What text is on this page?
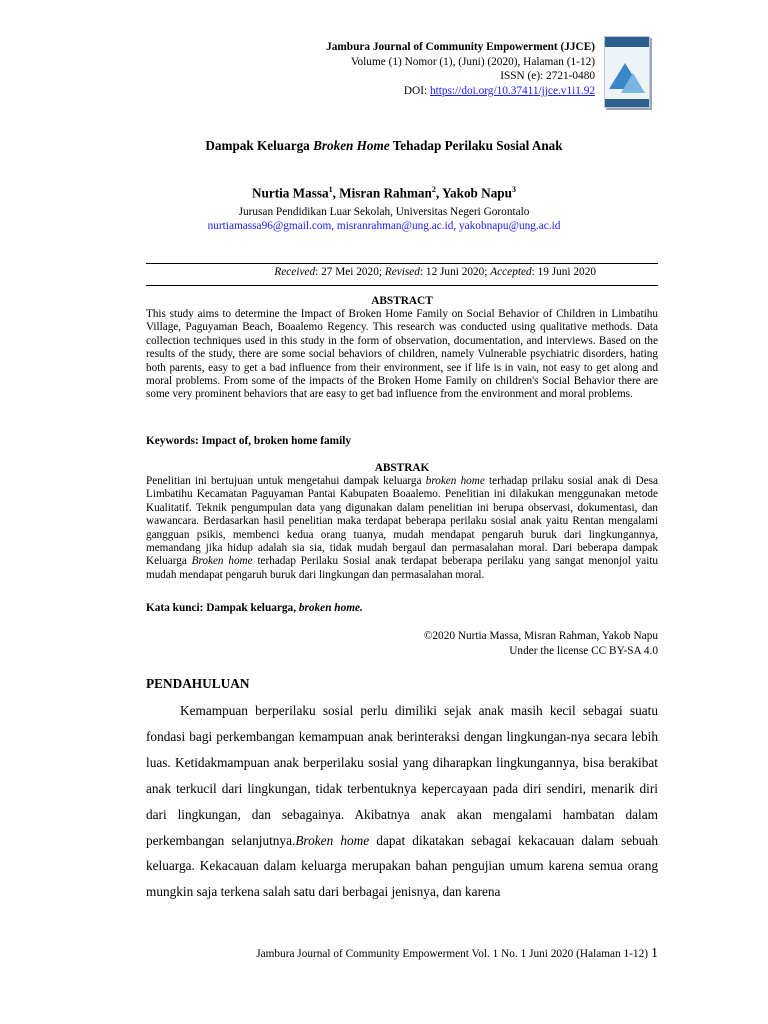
Jambura Journal of Community Empowerment (JJCE)
Volume (1) Nomor (1), (Juni) (2020), Halaman (1-12)
ISSN (e): 2721-0480
DOI: https://doi.org/10.37411/jjce.v1i1.92
Dampak Keluarga Broken Home Tehadap Perilaku Sosial Anak
Nurtia Massa$^1$, Misran Rahman$^2$, Yakob Napu$^3$
Jurusan Pendidikan Luar Sekolah, Universitas Negeri Gorontalo
nurtiamassa96@gmail.com, misranrahman@ung.ac.id, yakobnapu@ung.ac.id
Received: 27 Mei 2020; Revised: 12 Juni 2020; Accepted: 19 Juni 2020
ABSTRACT
This study aims to determine the Impact of Broken Home Family on Social Behavior of Children in Limbatihu Village, Paguyaman Beach, Boaalemo Regency. This research was conducted using qualitative methods. Data collection techniques used in this study in the form of observation, documentation, and interviews. Based on the results of the study, there are some social behaviors of children, namely Vulnerable psychiatric disorders, hating both parents, easy to get a bad influence from their environment, see if life is in vain, not easy to get along and moral problems. From some of the impacts of the Broken Home Family on children's Social Behavior there are some very prominent behaviors that are easy to get bad influence from the environment and moral problems.
Keywords: Impact of, broken home family
ABSTRAK
Penelitian ini bertujuan untuk mengetahui dampak keluarga broken home terhadap prilaku sosial anak di Desa Limbatihu Kecamatan Paguyaman Pantai Kabupaten Boaalemo. Penelitian ini dilakukan menggunakan metode Kualitatif. Teknik pengumpulan data yang digunakan dalam penelitian ini berupa observasi, dokumentasi, dan wawancara. Berdasarkan hasil penelitian maka terdapat beberapa perilaku sosial anak yaitu Rentan mengalami gangguan psikis, membenci kedua orang tuanya, mudah mendapat pengaruh buruk dari lingkungannya, memandang jika hidup adalah sia sia, tidak mudah bergaul dan permasalahan moral. Dari beberapa dampak Keluarga Broken home terhadap Perilaku Sosial anak terdapat beberapa perilaku yang sangat menonjol yaitu mudah mendapat pengaruh buruk dari lingkungan dan permasalahan moral.
Kata kunci: Dampak keluarga, broken home.
©2020 Nurtia Massa, Misran Rahman, Yakob Napu
Under the license CC BY-SA 4.0
PENDAHULUAN

Kemampuan berperilaku sosial perlu dimiliki sejak anak masih kecil sebagai suatu fondasi bagi perkembangan kemampuan anak berinteraksi dengan lingkungan-nya secara lebih luas. Ketidakmampuan anak berperilaku sosial yang diharapkan lingkungannya, bisa berakibat anak terkucil dari lingkungan, tidak terbentuknya kepercayaan pada diri sendiri, menarik diri dari lingkungan, dan sebagainya. Akibatnya anak akan mengalami hambatan dalam perkembangan selanjutnya.Broken home dapat dikatakan sebagai kekacauan dalam sebuah keluarga. Kekacauan dalam keluarga merupakan bahan pengujian umum karena semua orang mungkin saja terkena salah satu dari berbagai jenisnya, dan karena

Jambura Journal of Community Empowerment Vol. 1 No. 1 Juni 2020 (Halaman 1-12) 1
